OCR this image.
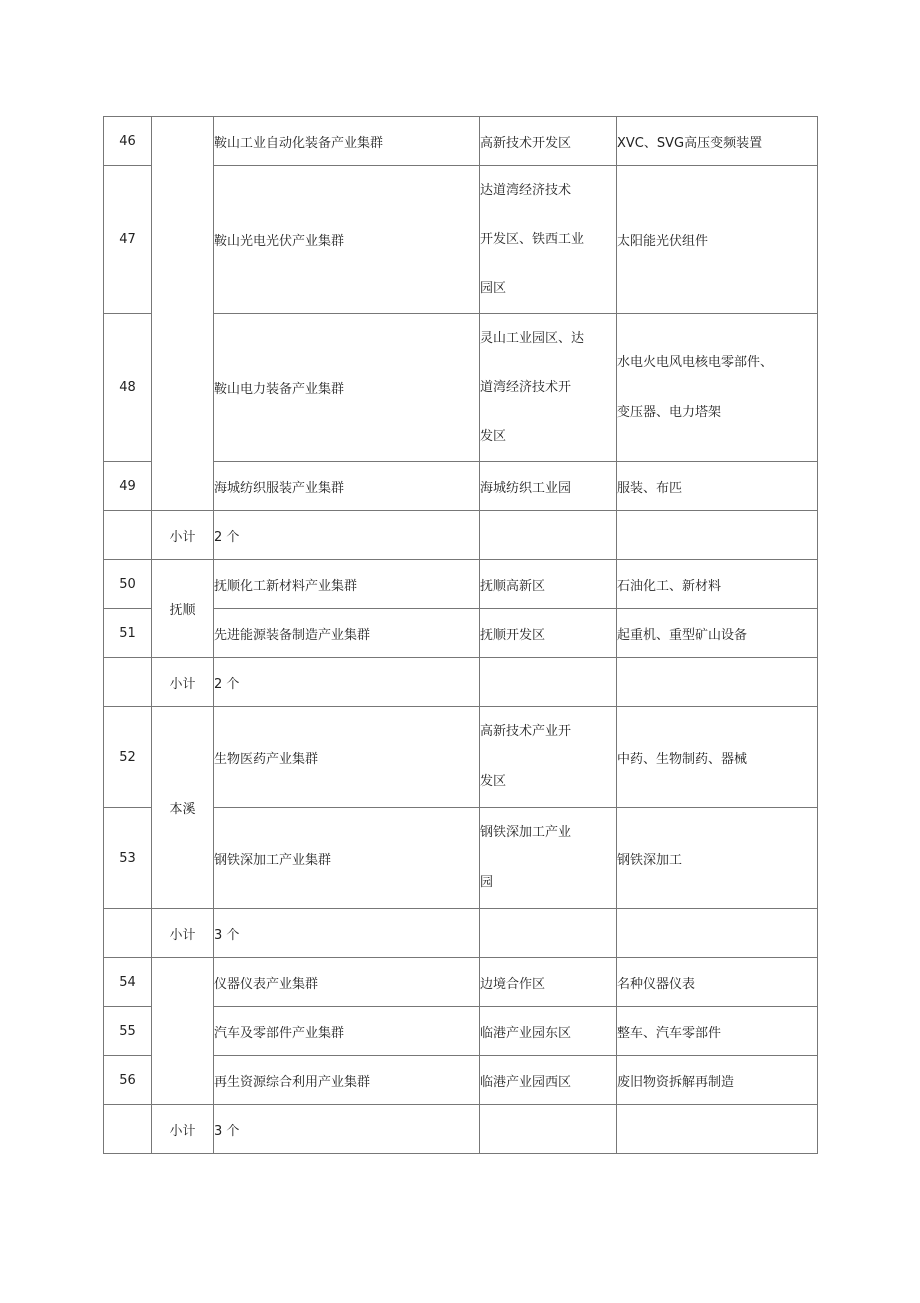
46		鞍山工业自动化装备产业集群	高新技术开发区	XVC、SVG高压变频装置
47		鞍山光电光伏产业集群	达道湾经济技术
开发区、铁西工业
园区	太阳能光伏组件
48		鞍山电力装备产业集群	灵山工业园区、达
道湾经济技术开
发区	水电火电风电核电零部件、
变压器、电力塔架

49		海城纺织服装产业集群	海城纺织工业园	服装、布匹
	小计	2 个		
50	抚顺	抚顺化工新材料产业集群	抚顺高新区	石油化工、新材料
51		先进能源装备制造产业集群	抚顺开发区	起重机、重型矿山设备
	小计	2 个		
52	本溪	生物医药产业集群	高新技术产业开
发区	中药、生物制药、器械
53		钢铁深加工产业集群	钢铁深加工产业
园	钢铁深加工
	小计	3 个		
54		仪器仪表产业集群	边境合作区	名种仪器仪表
55		汽车及零部件产业集群	临港产业园东区	整车、汽车零部件
56		再生资源综合利用产业集群	临港产业园西区	废旧物资拆解再制造
	小计	3 个		
